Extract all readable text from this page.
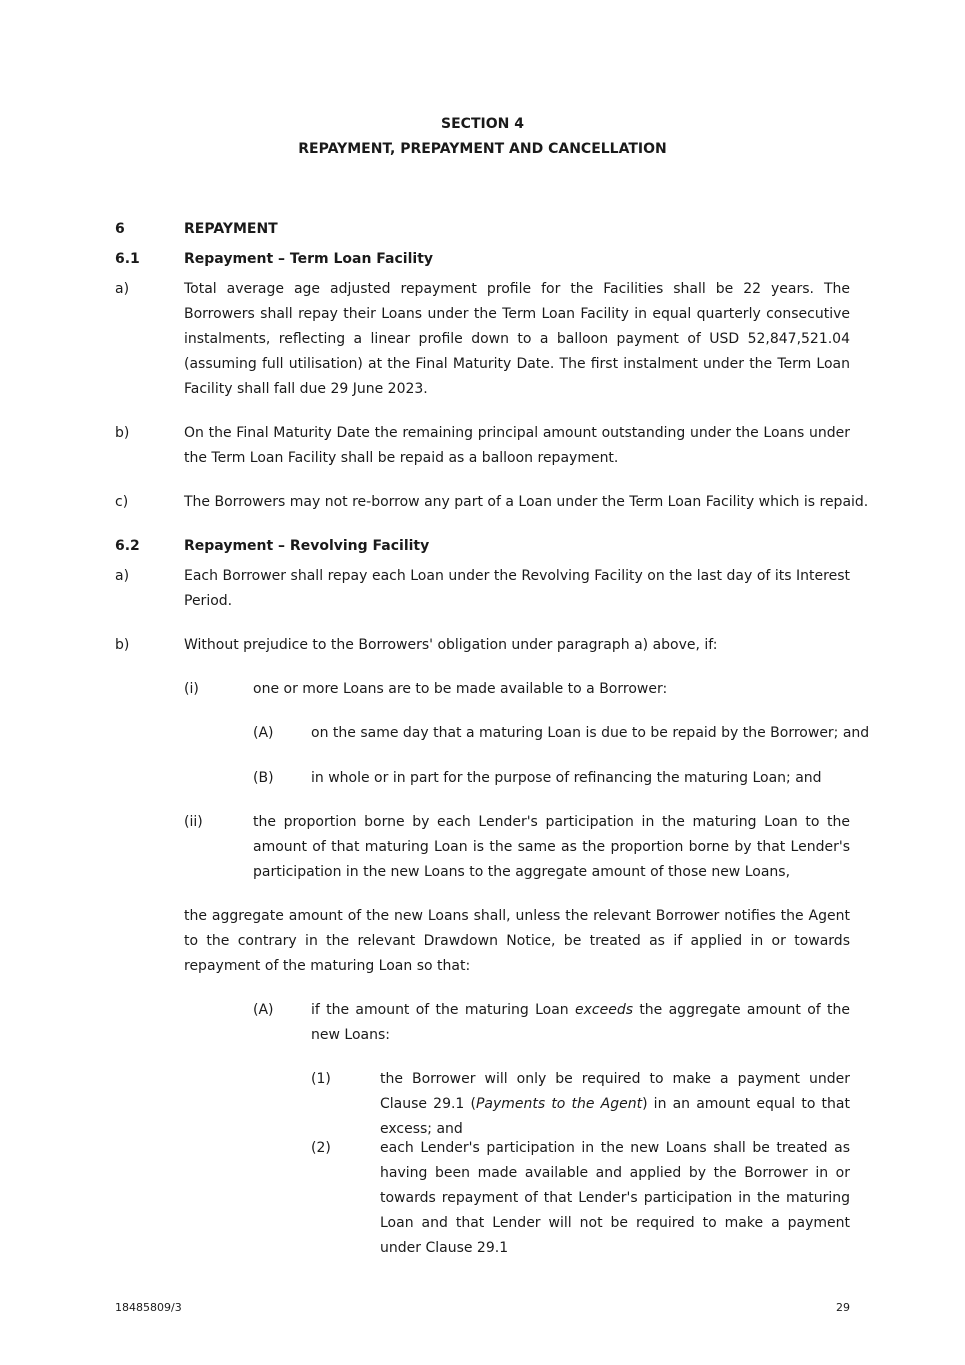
SECTION 4
REPAYMENT, PREPAYMENT AND CANCELLATION
6	REPAYMENT
6.1	Repayment – Term Loan Facility
a)	Total average age adjusted repayment profile for the Facilities shall be 22 years. The Borrowers shall repay their Loans under the Term Loan Facility in equal quarterly consecutive instalments, reflecting a linear profile down to a balloon payment of USD 52,847,521.04 (assuming full utilisation) at the Final Maturity Date. The first instalment under the Term Loan Facility shall fall due 29 June 2023.
b)	On the Final Maturity Date the remaining principal amount outstanding under the Loans under the Term Loan Facility shall be repaid as a balloon repayment.
c)	The Borrowers may not re-borrow any part of a Loan under the Term Loan Facility which is repaid.
6.2	Repayment – Revolving Facility
a)	Each Borrower shall repay each Loan under the Revolving Facility on the last day of its Interest Period.
b)	Without prejudice to the Borrowers' obligation under paragraph a) above, if:
(i)	one or more Loans are to be made available to a Borrower:
(A)	on the same day that a maturing Loan is due to be repaid by the Borrower; and
(B)	in whole or in part for the purpose of refinancing the maturing Loan; and
(ii)	the proportion borne by each Lender's participation in the maturing Loan to the amount of that maturing Loan is the same as the proportion borne by that Lender's participation in the new Loans to the aggregate amount of those new Loans,
the aggregate amount of the new Loans shall, unless the relevant Borrower notifies the Agent to the contrary in the relevant Drawdown Notice, be treated as if applied in or towards repayment of the maturing Loan so that:
(A)	if the amount of the maturing Loan exceeds the aggregate amount of the new Loans:
(1)	the Borrower will only be required to make a payment under Clause 29.1 (Payments to the Agent) in an amount equal to that excess; and
(2)	each Lender's participation in the new Loans shall be treated as having been made available and applied by the Borrower in or towards repayment of that Lender's participation in the maturing Loan and that Lender will not be required to make a payment under Clause 29.1
18485809/3	29
